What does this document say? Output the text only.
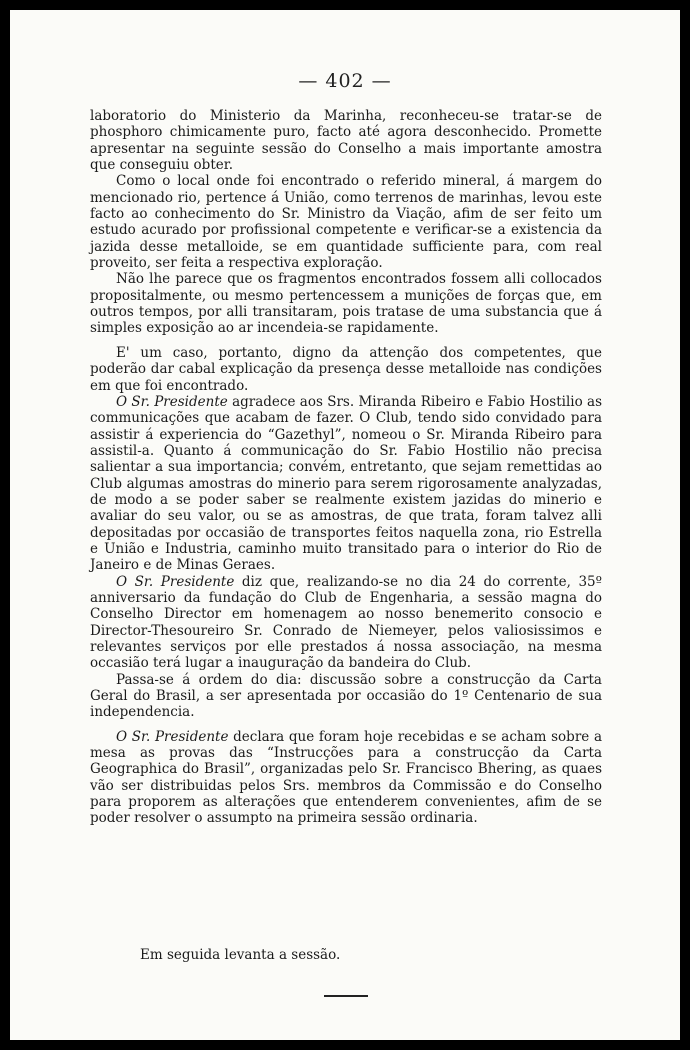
— 402 —

laboratorio do Ministerio da Marinha, reconheceu-se tratar-se de phosphoro chimicamente puro, facto até agora desconhecido. Promette apresentar na seguinte sessão do Conselho a mais importante amostra que conseguiu obter.

Como o local onde foi encontrado o referido mineral, á margem do mencionado rio, pertence á União, como terrenos de marinhas, levou este facto ao conhecimento do Sr. Ministro da Viação, afim de ser feito um estudo acurado por profissional competente e verificar-se a existencia da jazida desse metalloide, se em quantidade sufficiente para, com real proveito, ser feita a respectiva exploração.

Não lhe parece que os fragmentos encontrados fossem alli collocados propositalmente, ou mesmo pertencessem a munições de forças que, em outros tempos, por alli transitaram, pois tratase de uma substancia que á simples exposição ao ar incendeia-se rapidamente.

E' um caso, portanto, digno da attenção dos competentes, que poderão dar cabal explicação da presença desse metalloide nas condições em que foi encontrado.

O Sr. Presidente agradece aos Srs. Miranda Ribeiro e Fabio Hostilio as communicações que acabam de fazer. O Club, tendo sido convidado para assistir á experiencia do “Gazethyl”, nomeou o Sr. Miranda Ribeiro para assistil-a. Quanto á communicação do Sr. Fabio Hostilio não precisa salientar a sua importancia; convém, entretanto, que sejam remettidas ao Club algumas amostras do minerio para serem rigorosamente analyzadas, de modo a se poder saber se realmente existem jazidas do minerio e avaliar do seu valor, ou se as amostras, de que trata, foram talvez alli depositadas por occasião de transportes feitos naquella zona, rio Estrella e União e Industria, caminho muito transitado para o interior do Rio de Janeiro e de Minas Geraes.

O Sr. Presidente diz que, realizando-se no dia 24 do corrente, 35º anniversario da fundação do Club de Engenharia, a sessão magna do Conselho Director em homenagem ao nosso benemerito consocio e Director-Thesoureiro Sr. Conrado de Niemeyer, pelos valiosissimos e relevantes serviços por elle prestados á nossa associação, na mesma occasião terá lugar a inauguração da bandeira do Club.

Passa-se á ordem do dia: discussão sobre a construcção da Carta Geral do Brasil, a ser apresentada por occasião do 1º Centenario de sua independencia.

O Sr. Presidente declara que foram hoje recebidas e se acham sobre a mesa as provas das “Instrucções para a construcção da Carta Geographica do Brasil”, organizadas pelo Sr. Francisco Bhering, as quaes vão ser distribuidas pelos Srs. membros da Commissão e do Conselho para proporem as alterações que entenderem convenientes, afim de se poder resolver o assumpto na primeira sessão ordinaria.

Em seguida levanta a sessão.
